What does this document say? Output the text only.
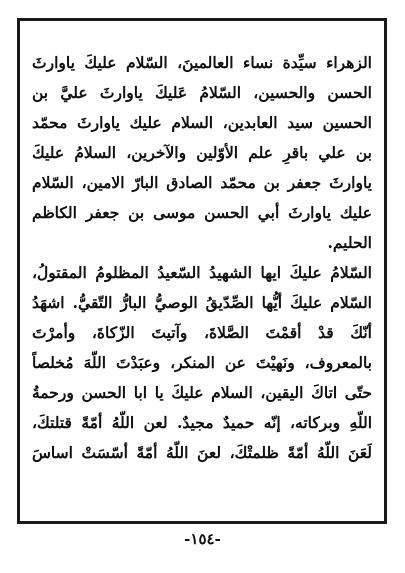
الزهراء سيِّدة نساء العالمينَ، السّلام عليكَ ياوارثَ
الحسن والحسين، السّلامُ عَليكَ ياوارثَ عليَّ بن
الحسين سيد العابدين، السلام عليك ياوارثَ محمّد
بن علي باقرِ علم الأوّلين والآخرين، السلامُ عليكَ
ياوارثَ جعفر بن محمّد الصادق البارّ الامين، السّلام
عليك ياوارثَ أبي الحسن موسى بن جعفر الكاظم
الحليم.
السّلامُ عليكَ ايها الشهيدُ السّعيدُ المظلومُ المقتولُ،
السّلام عليكَ أيُّها الصِّدّيقُ الوصيُّ البارُّ التّقيُّ. اشهَدُ
أنّكَ قدْ أقمْتَ الصَّلاةَ، وآتيتَ الزّكاةَ، وأمرْتَ
بالمعروف، ونَهيْتَ عن المنكر، وعبَدْتَ اللّهَ مُخلصاً
حتّى اتاكَ اليقين، السلام عليكَ يا ابا الحسن ورحمةُ
اللّهِ وبركاته، إنّه حميدٌ مجيدٌ. لعن اللّهُ أمّةً قتلتكَ،
لَعَنَ اللّهُ أمّةً ظلمتْكَ، لعنَ اللّهُ أمّةً أسّسَتْ اساسَ
-١٥٤-
